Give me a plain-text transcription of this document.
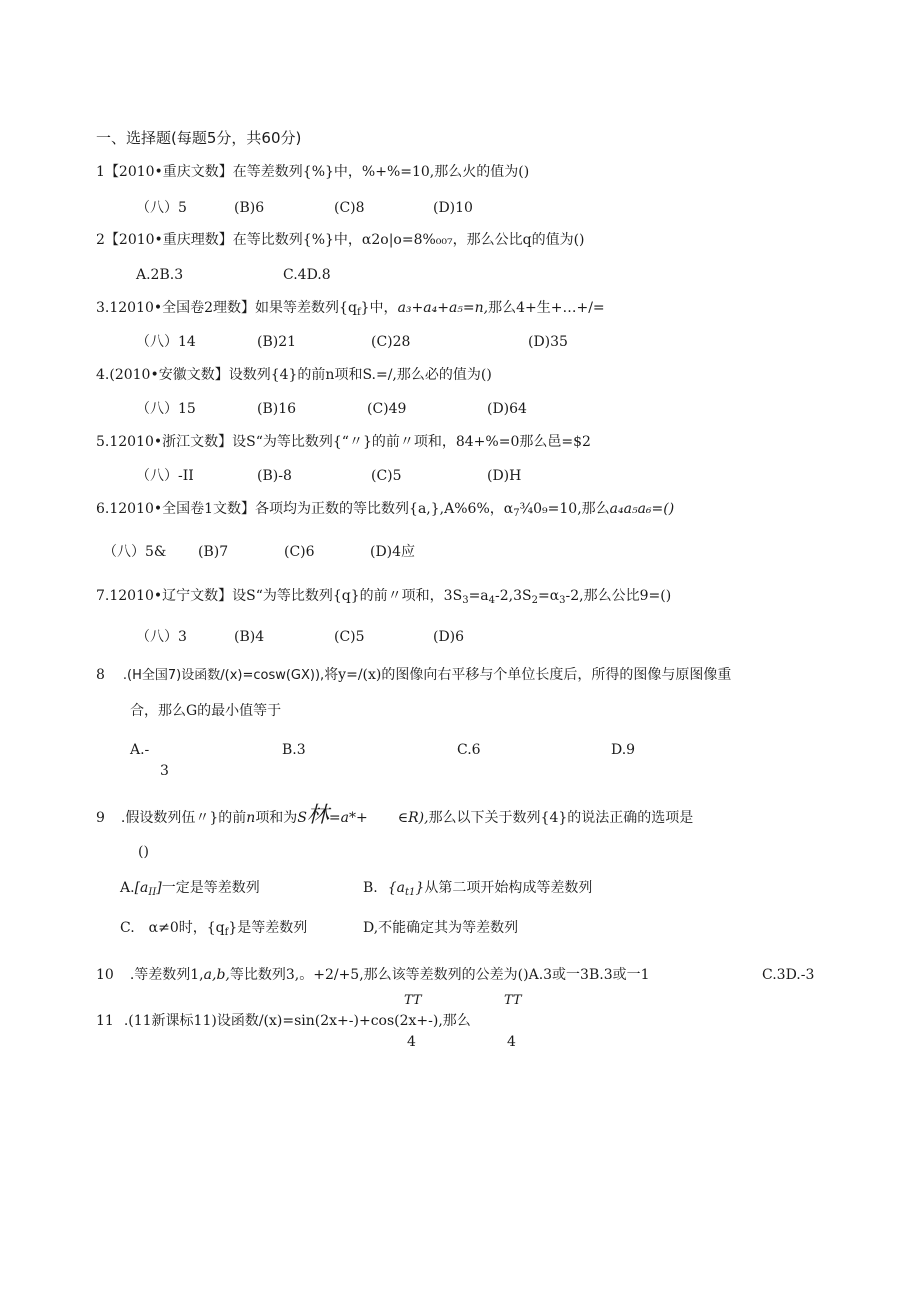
一、选择题(每题5分，共60分)
1【2010•重庆文数】在等差数列{%}中，%+%=10,那么火的值为()
（八）5	(B)6	(C)8	(D)10
2【2010•重庆理数】在等比数列{%}中，α2o|o=8%₀₀₇，那么公比q的值为()
A.2B.3	C.4D.8
3.12010•全国卷2理数】如果等差数列$\{q_f\}$中，a₃+a₄+a₅=n,那么4+生+…+/=
（八）14	(B)21	(C)28	(D)35
4.(2010•安徽文数】设数列{4}的前n项和S.=/,那么必的值为()
（八）15	(B)16	(C)49	(D)64
5.12010•浙江文数】设S“为等比数列{“〃}的前〃项和，84+%=0那么邑=$2
（八）-II	(B)-8	(C)5	(D)H
6.12010•全国卷1文数】各项均为正数的等比数列{a,},A%6%，$\alpha_7\frac{3}{4}0_9=10$,那么a₄a₅a₆=()
（八）5& (B)7	(C)6	(D)4应
7.12010•辽宁文数】设S“为等比数列{q}的前〃项和，$3S_3=a_4-2,3S_2=\alpha_3-2$,那么公比9=()
（八）3	(B)4	(C)5	(D)6
8 .(H全国7)设函数/(x)=cosw(GX)),将y=/(x)的图像向右平移与个单位长度后，所得的图像与原图像重
合，那么G的最小值等于
A.-
3
B.3	C.6	D.9
9 .假设数列伍〃}的前n项和为S林=a*+ ∈R),那么以下关于数列{4}的说法正确的选项是
()
$A.[a_{II}]$一定是等差数列	B. $\{a_{t1}\}$从第二项开始构成等差数列
C.　α≠0时，$\{q_f\}$是等差数列	D,不能确定其为等差数列
10 .等差数列1,a,b,等比数列3,。+2/+5,那么该等差数列的公差为()A.3或一3B.3或一1	C.3D.-3
TT	TT
11 .(11新课标11)设函数/(x)=sin(2x+-)+cos(2x+-),那么
4	4
